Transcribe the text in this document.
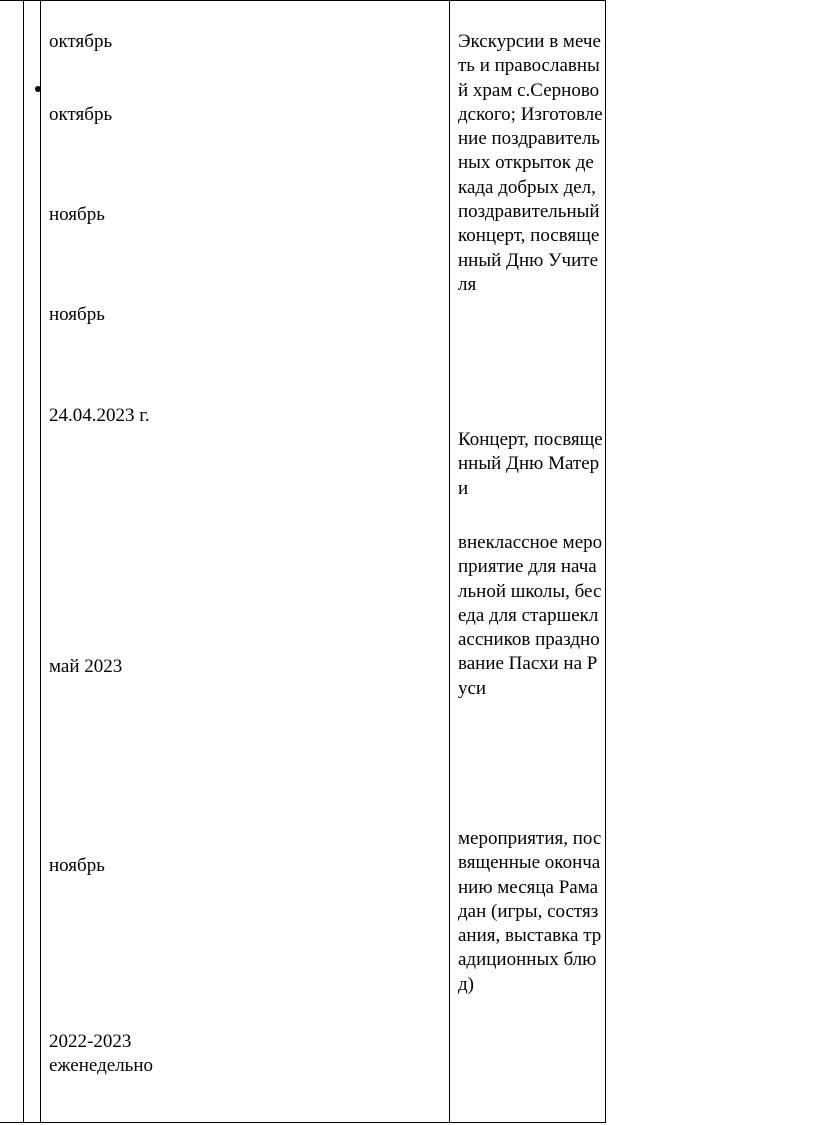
октябрь
октябрь
ноябрь
ноябрь
24.04.2023 г.
май 2023
ноябрь
2022-2023
еженедельно
Экскурсии в мечеть и православный храм с.Серноводского; Изготовление поздравительных открыток декада добрых дел, поздравительный концерт, посвященный Дню Учителя
Концерт, посвященный Дню Матери
внеклассное мероприятие для начальной школы, беседа для старшеклассников празднование Пасхи на Руси
мероприятия, посвященные окончанию месяца Рамадан (игры, состязания, выставка традиционных блюд)
